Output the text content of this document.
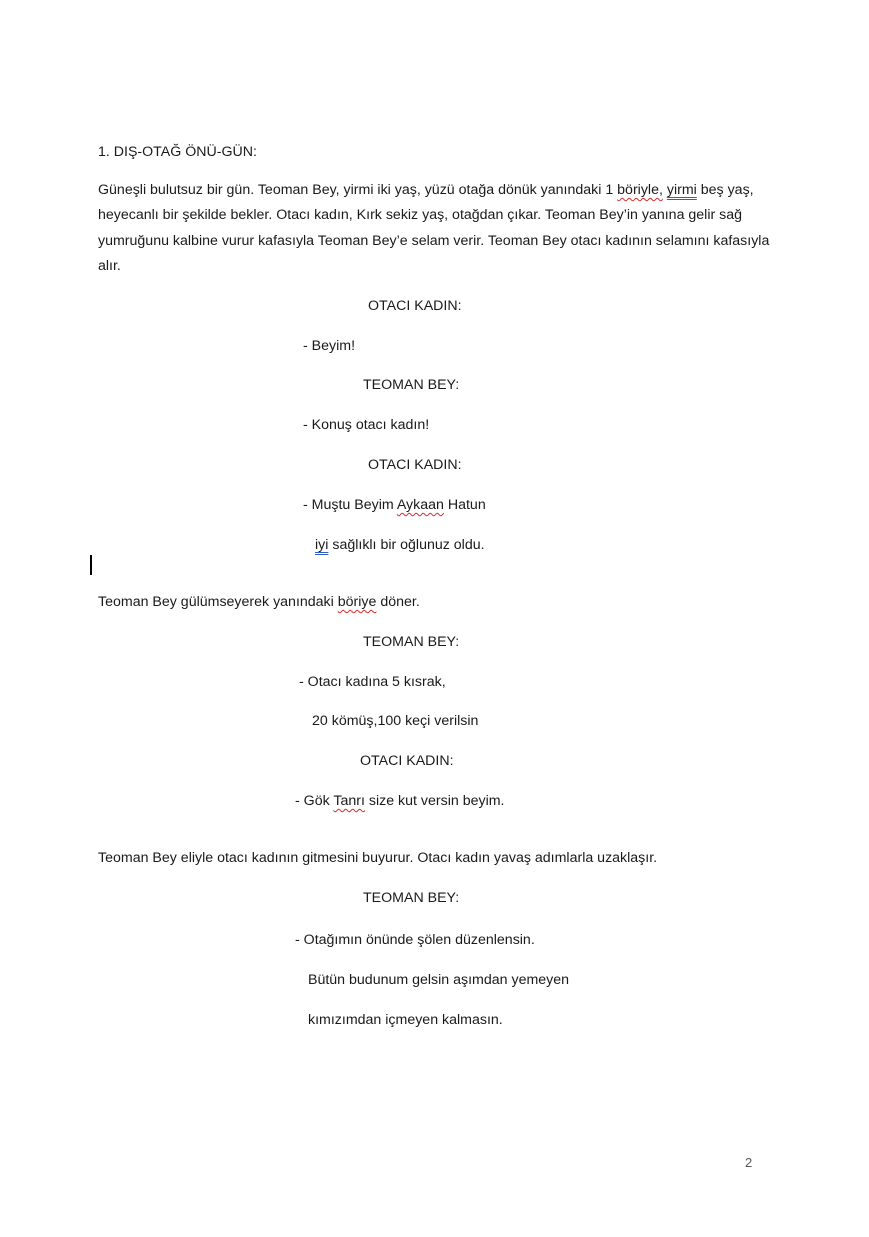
1. DIŞ-OTAĞ ÖNÜ-GÜN:
Güneşli bulutsuz bir gün. Teoman Bey, yirmi iki yaş, yüzü otağa dönük yanındaki 1 böriyle, yirmi beş yaş, heyecanlı bir şekilde bekler. Otacı kadın, Kırk sekiz yaş, otağdan çıkar. Teoman Bey’in yanına gelir sağ yumruğunu kalbine vurur kafasıyla Teoman Bey’e selam verir. Teoman Bey otacı kadının selamını kafasıyla alır.
OTACI KADIN:
- Beyim!
TEOMAN BEY:
- Konuş otacı kadın!
OTACI KADIN:
- Muştu Beyim Aykaan Hatun
iyi sağlıklı bir oğlunuz oldu.
Teoman Bey gülümseyerek yanındaki böriye döner.
TEOMAN BEY:
- Otacı kadına 5 kısrak,
20 kömüş,100 keçi verilsin
OTACI KADIN:
- Gök Tanrı size kut versin beyim.
Teoman Bey eliyle otacı kadının gitmesini buyurur. Otacı kadın yavaş adımlarla uzaklaşır.
TEOMAN BEY:
- Otağımın önünde şölen düzenlensin.
Bütün budunum gelsin aşımdan yemeyen
kımızımdan içmeyen kalmasın.
2
